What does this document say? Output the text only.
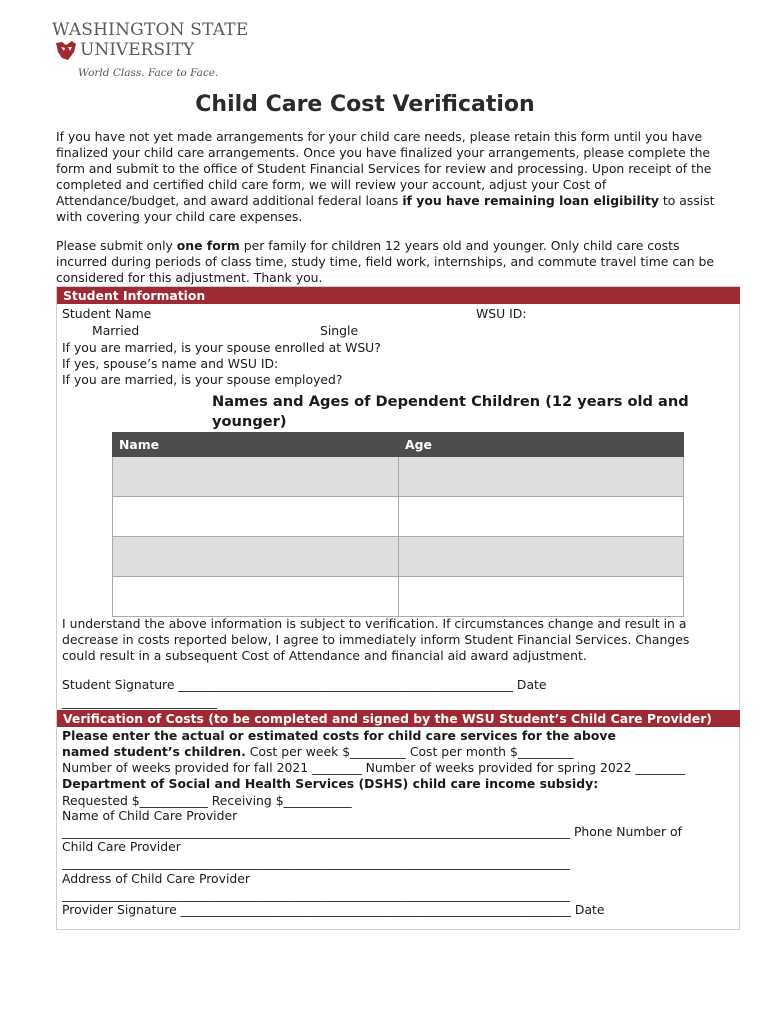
WASHINGTON STATE
UNIVERSITY
World Class. Face to Face.
Child Care Cost Verification

If you have not yet made arrangements for your child care needs, please retain this form until you have finalized your child care arrangements. Once you have finalized your arrangements, please complete the form and submit to the office of Student Financial Services for review and processing. Upon receipt of the completed and certified child care form, we will review your account, adjust your Cost of Attendance/budget, and award additional federal loans if you have remaining loan eligibility to assist with covering your child care expenses.

Please submit only one form per family for children 12 years old and younger. Only child care costs incurred during periods of class time, study time, field work, internships, and commute travel time can be considered for this adjustment. Thank you.

Student Information
Student Name	WSU ID:
Married	Single
If you are married, is your spouse enrolled at WSU?
If yes, spouse’s name and WSU ID:
If you are married, is your spouse employed?
Names and Ages of Dependent Children (12 years old and younger)
Name	Age

I understand the above information is subject to verification. If circumstances change and result in a decrease in costs reported below, I agree to immediately inform Student Financial Services. Changes could result in a subsequent Cost of Attendance and financial aid award adjustment.

Student Signature ______________________________________________________ Date
_________________________
Verification of Costs (to be completed and signed by the WSU Student’s Child Care Provider)
Please enter the actual or estimated costs for child care services for the above
named student’s children. Cost per week $_________ Cost per month $_________
Number of weeks provided for fall 2021 ________ Number of weeks provided for spring 2022 ________
Department of Social and Health Services (DSHS) child care income subsidy:
Requested $___________ Receiving $___________
Name of Child Care Provider
__________________________________________________________________________________ Phone Number of
Child Care Provider
__________________________________________________________________________________
Address of Child Care Provider
__________________________________________________________________________________
Provider Signature _______________________________________________________________ Date
